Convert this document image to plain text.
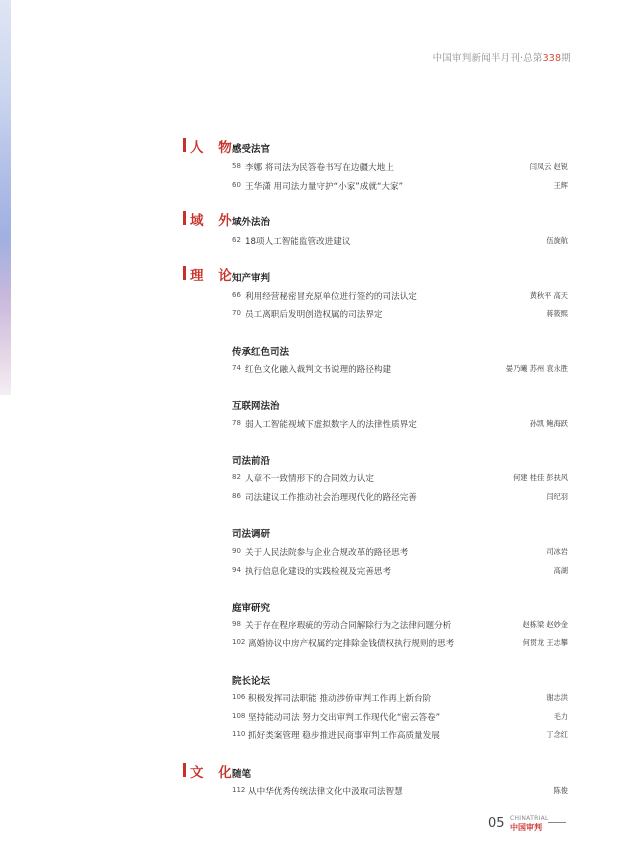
中国审判新闻半月刊·总第338期
人 物
感受法官
58 李娜 将司法为民答卷书写在边疆大地上	闫凤云 赵锐
60 王华潇 用司法力量守护“小家”成就“大家”	王辉
域 外
域外法治
62 18项人工智能监管改进建议	伍旋航
理 论
知产审判
66 利用经营秘密冒充原单位进行签约的司法认定	黄秋平 高天
70 员工离职后发明创造权属的司法界定	蒋筱熙
传承红色司法
74 红色文化融入裁判文书说理的路径构建	晏乃曦 苏州 袁永胜
互联网法治
78 弱人工智能视域下虚拟数字人的法律性质界定	孙凯 鲍海跃
司法前沿
82 人章不一致情形下的合同效力认定	何建 桂佳 彭扶风
86 司法建议工作推动社会治理现代化的路径完善	闫纪羽
司法调研
90 关于人民法院参与企业合规改革的路径思考	司冰岩
94 执行信息化建设的实践检视及完善思考	高湖
庭审研究
98 关于存在程序瑕疵的劳动合同解除行为之法律问题分析	赵栋梁 赵妙金
102 离婚协议中房产权属约定排除金钱债权执行规则的思考	何贯龙 王志攀
院长论坛
106 积极发挥司法职能 推动涉侨审判工作再上新台阶	谢志洪
108 坚持能动司法 努力交出审判工作现代化“密云答卷”	毛力
110 抓好类案管理 稳步推进民商事审判工作高质量发展	丁念红
文 化
随笔
112 从中华优秀传统法律文化中汲取司法智慧	陈俊
05 CHINATRIAL
中国审判
